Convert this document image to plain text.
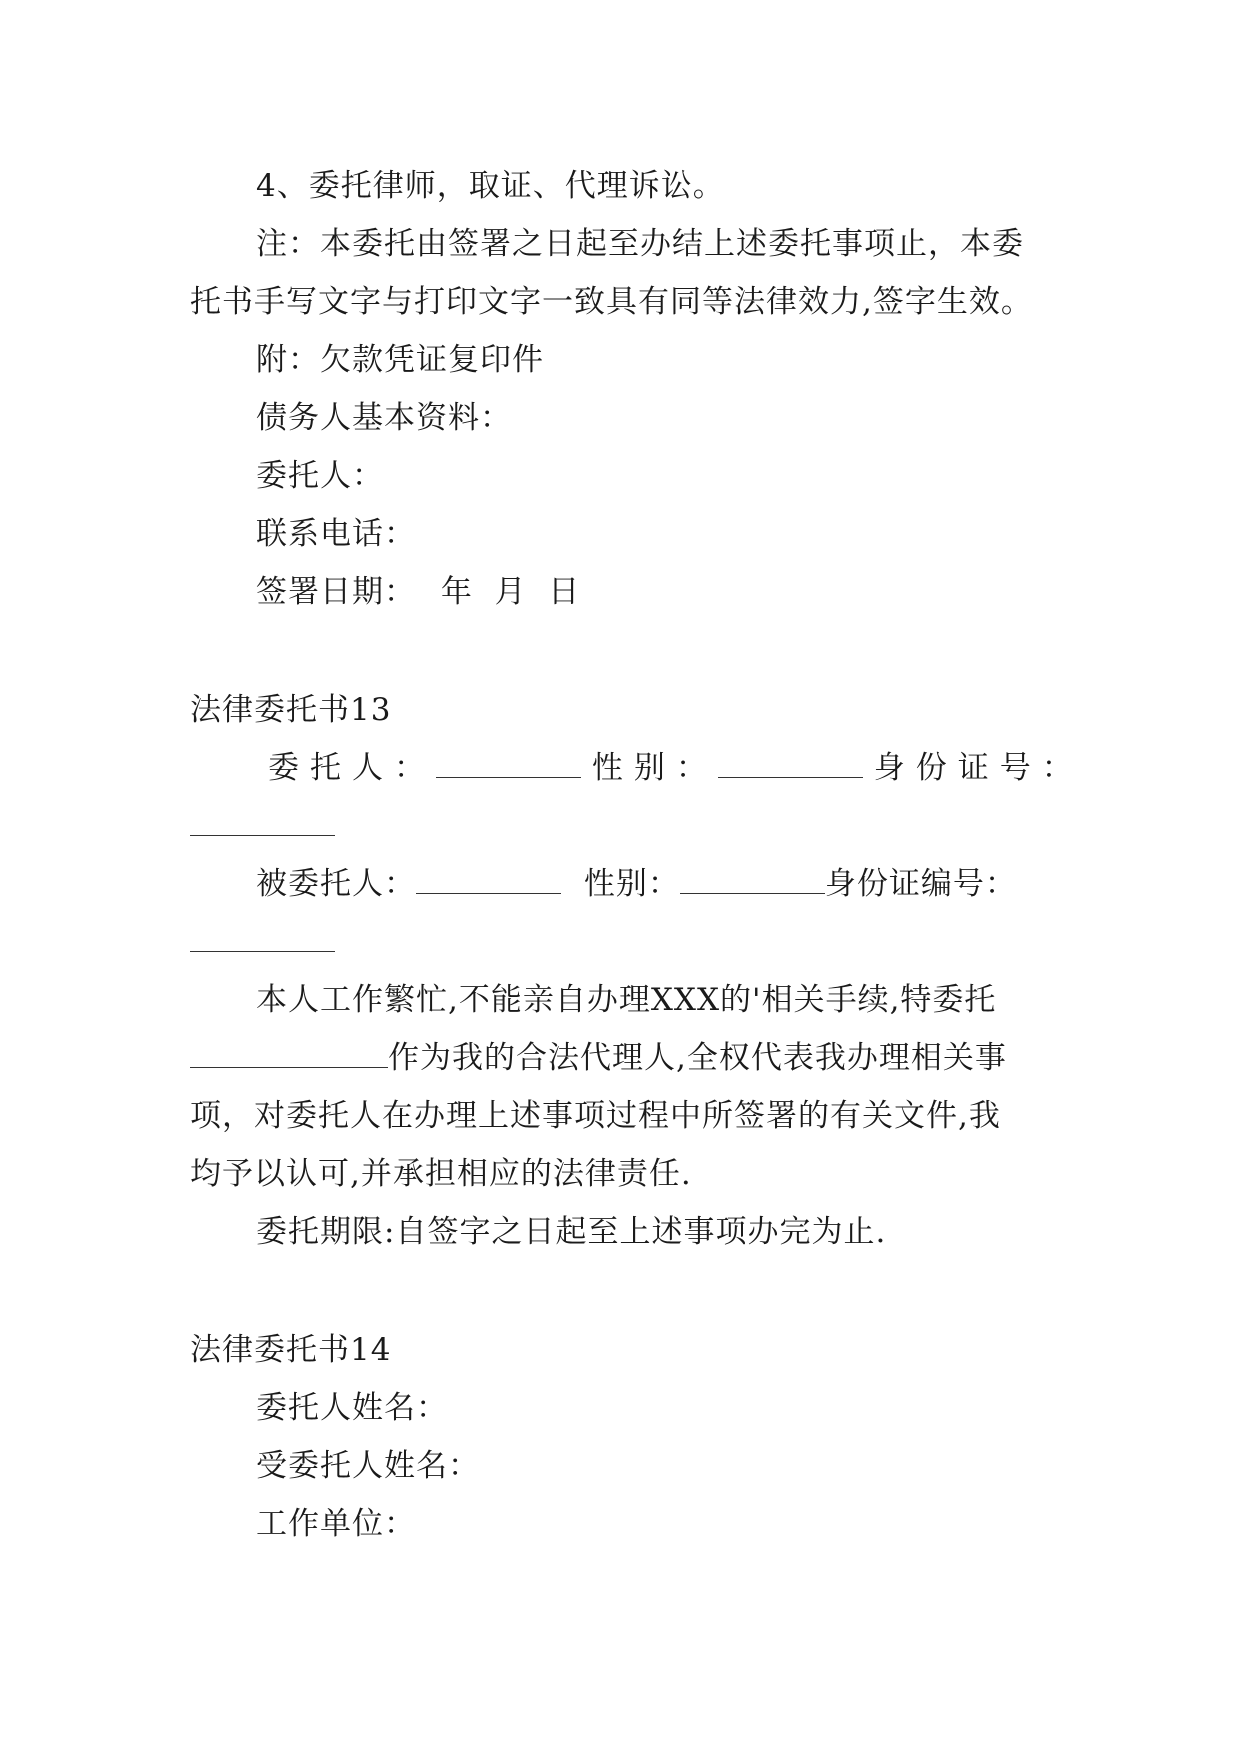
4、委托律师，取证、代理诉讼。
注：本委托由签署之日起至办结上述委托事项止，本委
托书手写文字与打印文字一致具有同等法律效力,签字生效。
附：欠款凭证复印件
债务人基本资料：
委托人：
联系电话：
签署日期： 年  月  日
法律委托书13
委托人：	性别：	身份证号：
被委托人：	性别：	身份证编号：
本人工作繁忙,不能亲自办理XXX的'相关手续,特委托
作为我的合法代理人,全权代表我办理相关事
项，对委托人在办理上述事项过程中所签署的有关文件,我
均予以认可,并承担相应的法律责任.
委托期限:自签字之日起至上述事项办完为止.
法律委托书14
委托人姓名：
受委托人姓名：
工作单位：
